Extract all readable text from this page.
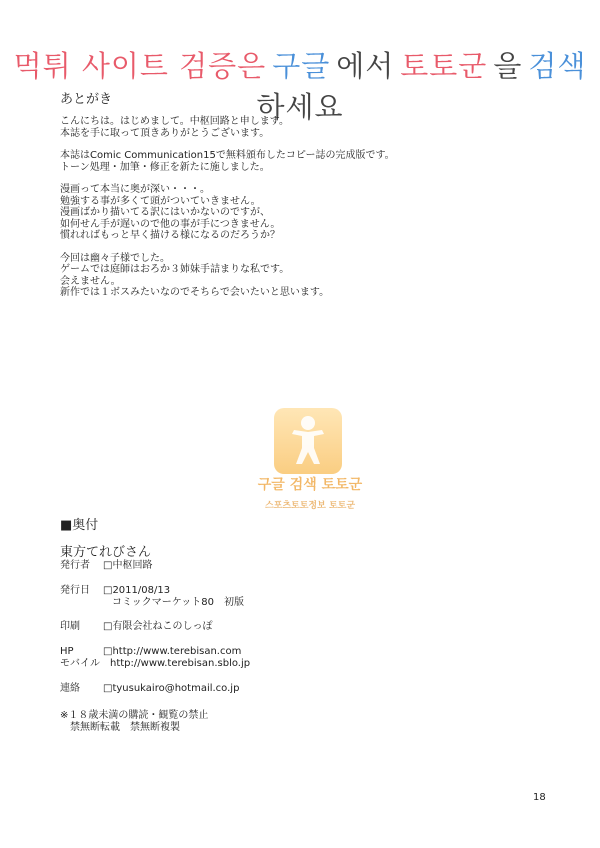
먹튀 사이트 검증은 구글 에서 토토군 을 검색하세요
あとがき
こんにちは。はじめまして。中枢回路と申します。
本誌を手に取って頂きありがとうございます。
本誌はComic Communication15で無料頒布したコピー誌の完成版です。
トーン処理・加筆・修正を新たに施しました。
漫画って本当に奥が深い・・・。
勉強する事が多くて頭がついていきません。
漫画ばかり描いてる訳にはいかないのですが、
如何せん手が遅いので他の事が手につきません。
慣れればもっと早く描ける様になるのだろうか？
今回は幽々子様でした。
ゲームでは庭師はおろか３姉妹手詰まりな私です。
会えません。
新作では１ボスみたいなのでそちらで会いたいと思います。
구글 검색 토토군
스포츠토토정보 토토군
■奥付
東方てれびさん
発行者 □中枢回路
発行日 □2011/08/13
コミックマーケット80　初版
印刷 □有限会社ねこのしっぽ
HP	□http://www.terebisan.com
モバイル http://www.terebisan.sblo.jp
連絡 □tyusukairo@hotmail.co.jp
※１８歳未満の購読・観覧の禁止
　禁無断転載　禁無断複製
18
